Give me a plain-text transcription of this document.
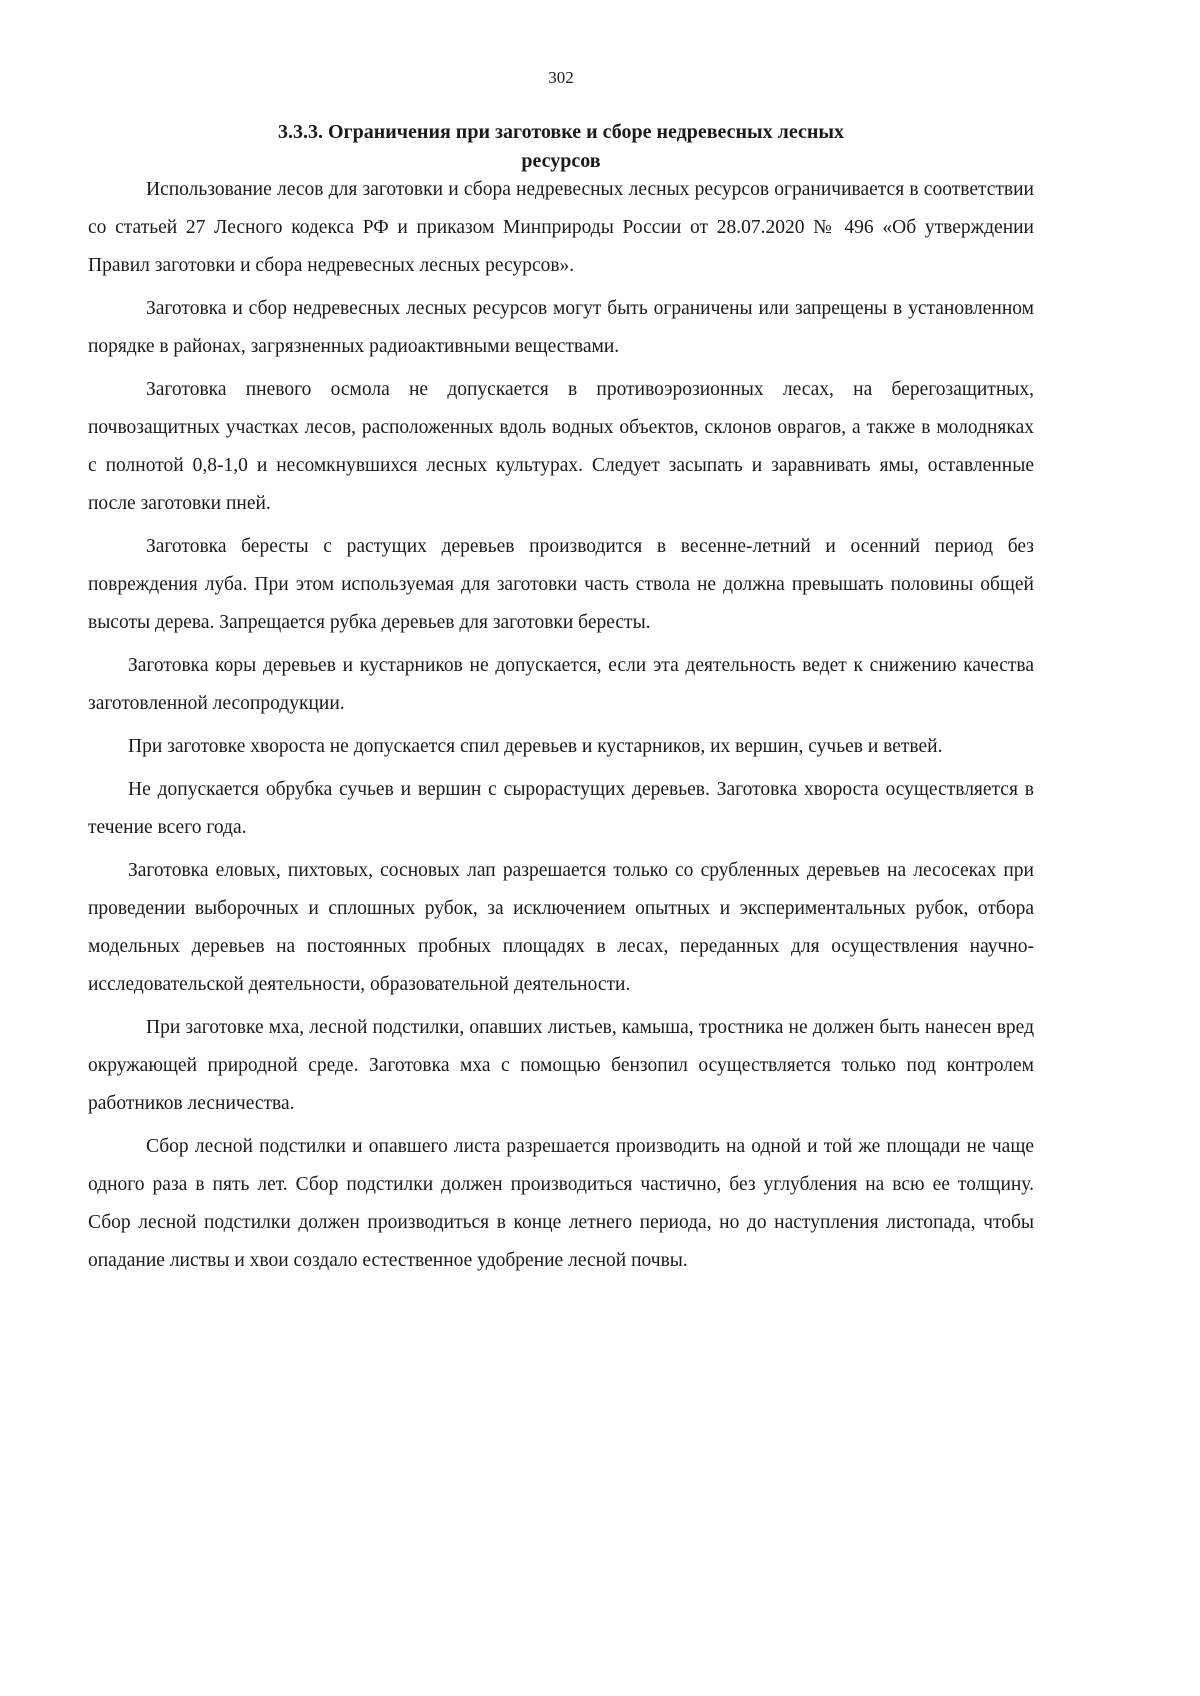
302
3.3.3. Ограничения при заготовке и сборе недревесных лесных
ресурсов

Использование лесов для заготовки и сбора недревесных лесных ресурсов ограничивается в соответствии со статьей 27 Лесного кодекса РФ и приказом Минприроды России от 28.07.2020 № 496 «Об утверждении Правил заготовки и сбора недревесных лесных ресурсов».

Заготовка и сбор недревесных лесных ресурсов могут быть ограничены или запрещены в установленном порядке в районах, загрязненных радиоактивными веществами.

Заготовка пневого осмола не допускается в противоэрозионных лесах, на берегозащитных, почвозащитных участках лесов, расположенных вдоль водных объектов, склонов оврагов, а также в молодняках с полнотой 0,8-1,0 и несомкнувшихся лесных культурах. Следует засыпать и заравнивать ямы, оставленные после заготовки пней.

Заготовка бересты с растущих деревьев производится в весенне-летний и осенний период без повреждения луба. При этом используемая для заготовки часть ствола не должна превышать половины общей высоты дерева. Запрещается рубка деревьев для заготовки бересты.

Заготовка коры деревьев и кустарников не допускается, если эта деятельность ведет к снижению качества заготовленной лесопродукции.

При заготовке хвороста не допускается спил деревьев и кустарников, их вершин, сучьев и ветвей.

Не допускается обрубка сучьев и вершин с сырорастущих деревьев. Заготовка хвороста осуществляется в течение всего года.

Заготовка еловых, пихтовых, сосновых лап разрешается только со срубленных деревьев на лесосеках при проведении выборочных и сплошных рубок, за исключением опытных и экспериментальных рубок, отбора модельных деревьев на постоянных пробных площадях в лесах, переданных для осуществления научно-исследовательской деятельности, образовательной деятельности.

При заготовке мха, лесной подстилки, опавших листьев, камыша, тростника не должен быть нанесен вред окружающей природной среде. Заготовка мха с помощью бензопил осуществляется только под контролем работников лесничества.

Сбор лесной подстилки и опавшего листа разрешается производить на одной и той же площади не чаще одного раза в пять лет. Сбор подстилки должен производиться частично, без углубления на всю ее толщину. Сбор лесной подстилки должен производиться в конце летнего периода, но до наступления листопада, чтобы опадание листвы и хвои создало естественное удобрение лесной почвы.
